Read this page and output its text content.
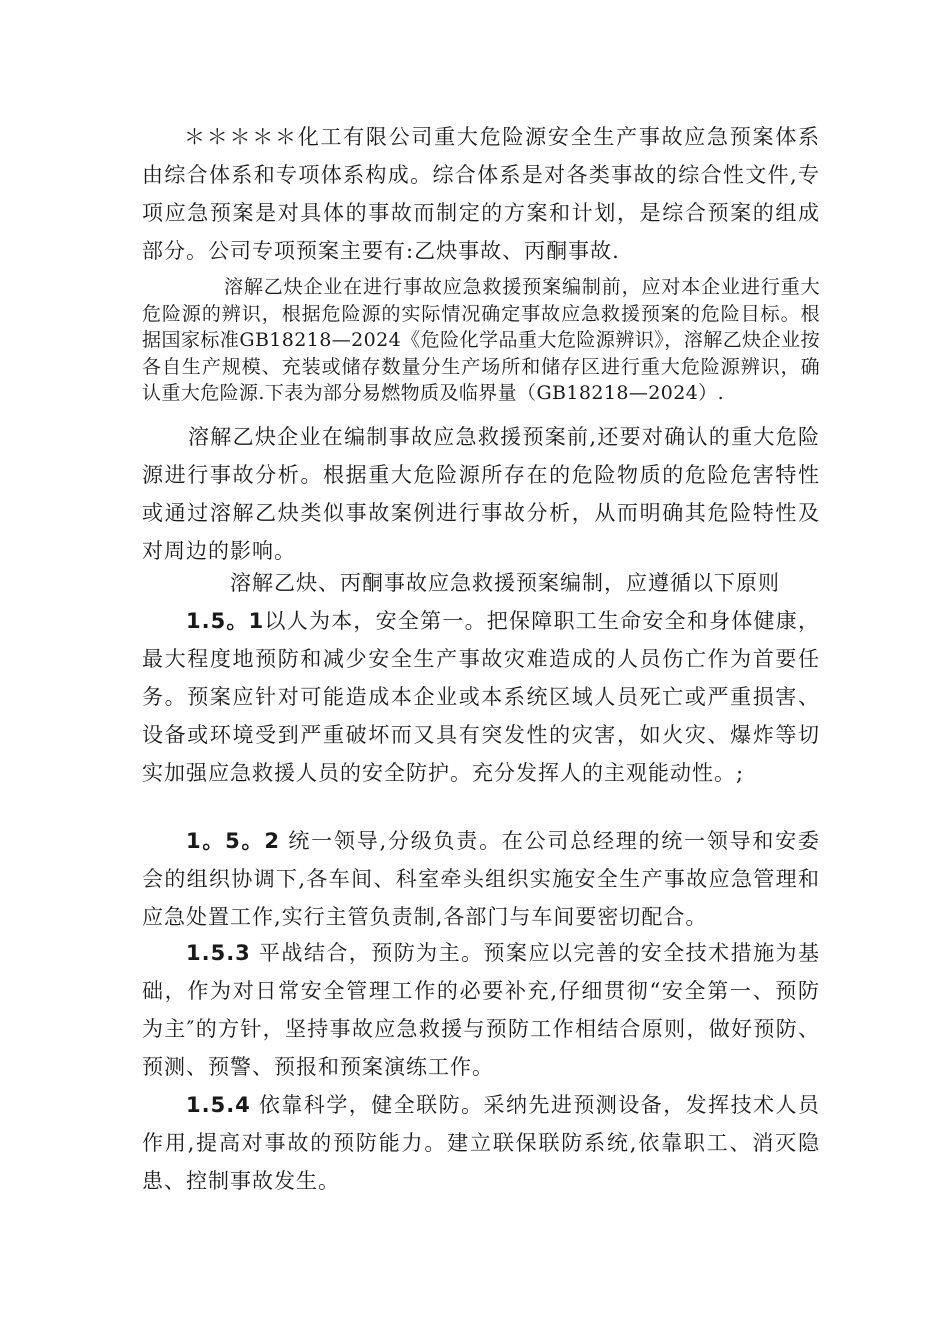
＊＊＊＊＊化工有限公司重大危险源安全生产事故应急预案体系由综合体系和专项体系构成。综合体系是对各类事故的综合性文件,专项应急预案是对具体的事故而制定的方案和计划，是综合预案的组成部分。公司专项预案主要有:乙炔事故、丙酮事故.

溶解乙炔企业在进行事故应急救援预案编制前，应对本企业进行重大危险源的辨识，根据危险源的实际情况确定事故应急救援预案的危险目标。根据国家标准GB18218—2024《危险化学品重大危险源辨识》，溶解乙炔企业按各自生产规模、充装或储存数量分生产场所和储存区进行重大危险源辨识，确认重大危险源.下表为部分易燃物质及临界量（GB18218—2024）.

溶解乙炔企业在编制事故应急救援预案前,还要对确认的重大危险源进行事故分析。根据重大危险源所存在的危险物质的危险危害特性或通过溶解乙炔类似事故案例进行事故分析，从而明确其危险特性及对周边的影响。

溶解乙炔、丙酮事故应急救援预案编制，应遵循以下原则

1.5。1以人为本，安全第一。把保障职工生命安全和身体健康，最大程度地预防和减少安全生产事故灾难造成的人员伤亡作为首要任务。预案应针对可能造成本企业或本系统区域人员死亡或严重损害、设备或环境受到严重破坏而又具有突发性的灾害，如火灾、爆炸等切实加强应急救援人员的安全防护。充分发挥人的主观能动性。;

1。5。2 统一领导,分级负责。在公司总经理的统一领导和安委会的组织协调下,各车间、科室牵头组织实施安全生产事故应急管理和应急处置工作,实行主管负责制,各部门与车间要密切配合。

1.5.3 平战结合，预防为主。预案应以完善的安全技术措施为基础，作为对日常安全管理工作的必要补充,仔细贯彻“安全第一、预防为主″的方针，坚持事故应急救援与预防工作相结合原则，做好预防、预测、预警、预报和预案演练工作。

1.5.4 依靠科学，健全联防。采纳先进预测设备，发挥技术人员作用,提高对事故的预防能力。建立联保联防系统,依靠职工、消灭隐患、控制事故发生。
